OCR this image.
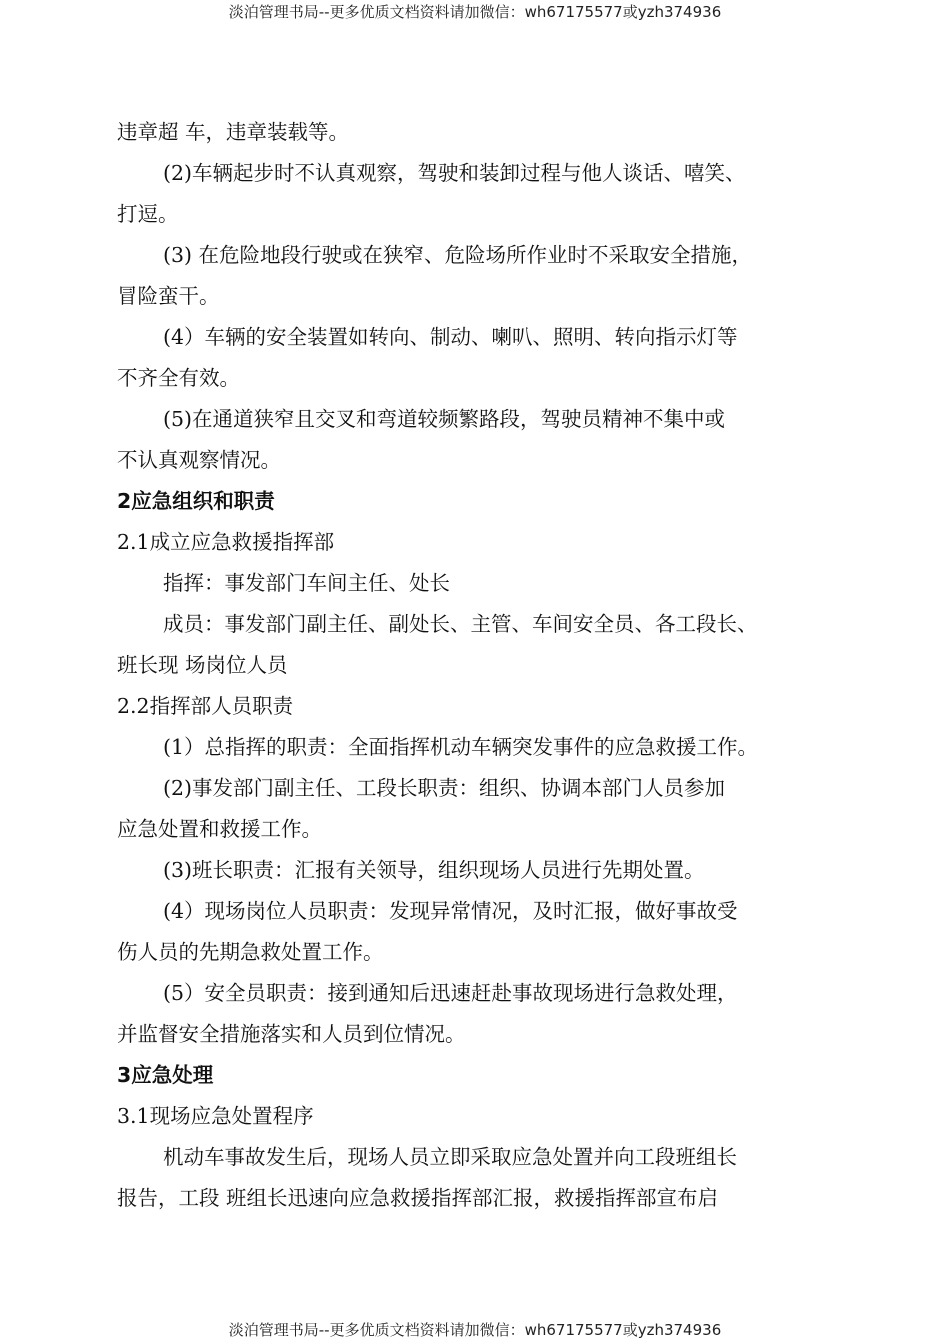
淡泊管理书局--更多优质文档资料请加微信：wh67175577或yzh374936
违章超 车，违章装载等。
(2)车辆起步时不认真观察，驾驶和装卸过程与他人谈话、嘻笑、
打逗。
(3) 在危险地段行驶或在狭窄、危险场所作业时不采取安全措施，
冒险蛮干。
(4）车辆的安全装置如转向、制动、喇叭、照明、转向指示灯等
不齐全有效。
(5)在通道狭窄且交叉和弯道较频繁路段，驾驶员精神不集中或
不认真观察情况。
2应急组织和职责
2.1成立应急救援指挥部
指挥：事发部门车间主任、处长
成员：事发部门副主任、副处长、主管、车间安全员、各工段长、
班长现 场岗位人员
2.2指挥部人员职责
(1）总指挥的职责：全面指挥机动车辆突发事件的应急救援工作。
(2)事发部门副主任、工段长职责：组织、协调本部门人员参加
应急处置和救援工作。
(3)班长职责：汇报有关领导，组织现场人员进行先期处置。
(4）现场岗位人员职责：发现异常情况，及时汇报，做好事故受
伤人员的先期急救处置工作。
(5）安全员职责：接到通知后迅速赶赴事故现场进行急救处理，
并监督安全措施落实和人员到位情况。
3应急处理
3.1现场应急处置程序
机动车事故发生后，现场人员立即采取应急处置并向工段班组长
报告，工段 班组长迅速向应急救援指挥部汇报，救援指挥部宣布启
淡泊管理书局--更多优质文档资料请加微信：wh67175577或yzh374936
